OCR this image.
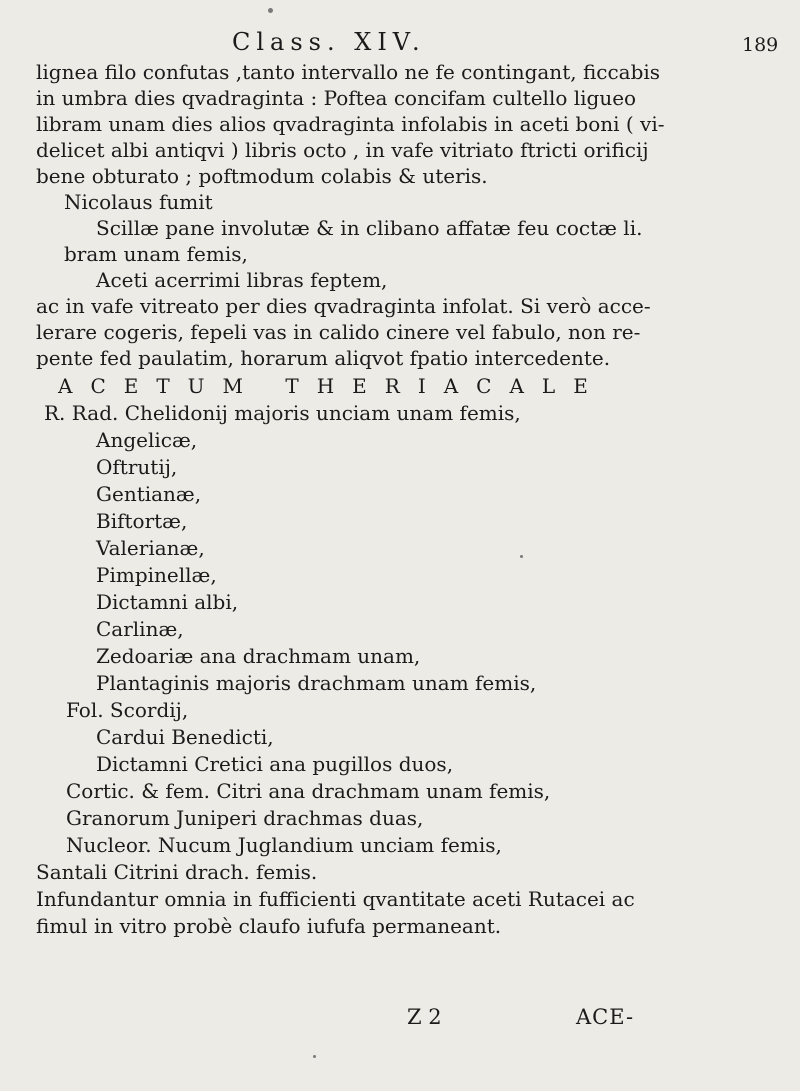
Class. XIV.	189
lignea filo confutas ,tanto intervallo ne fe contingant, ficcabis
in umbra dies qvadraginta : Poftea concifam cultello ligueo
libram unam dies alios qvadraginta infolabis in aceti boni ( vi-
delicet albi antiqvi ) libris octo , in vafe vitriato ftricti orificij
bene obturato ; poftmodum colabis & uteris.
Nicolaus fumit
Scillæ pane involutæ & in clibano affatæ feu coctæ li.
bram unam femis,
Aceti acerrimi libras feptem,
ac in vafe vitreato per dies qvadraginta infolat. Si verò acce-
lerare cogeris, fepeli vas in calido cinere vel fabulo, non re-
pente fed paulatim, horarum aliqvot fpatio intercedente.
ACETUM THERIACALE
R. Rad. Chelidonij majoris unciam unam femis,
Angelicæ,
Oftrutij,
Gentianæ,
Biftortæ,
Valerianæ,
Pimpinellæ,
Dictamni albi,
Carlinæ,
Zedoariæ ana drachmam unam,
Plantaginis majoris drachmam unam femis,
Fol. Scordij,
Cardui Benedicti,
Dictamni Cretici ana pugillos duos,
Cortic. & fem. Citri ana drachmam unam femis,
Granorum Juniperi drachmas duas,
Nucleor. Nucum Juglandium unciam femis,
Santali Citrini drach. femis.
Infundantur omnia in fufficienti qvantitate aceti Rutacei ac
fimul in vitro probè claufo iufufa permaneant.
Z 2	ACE-
